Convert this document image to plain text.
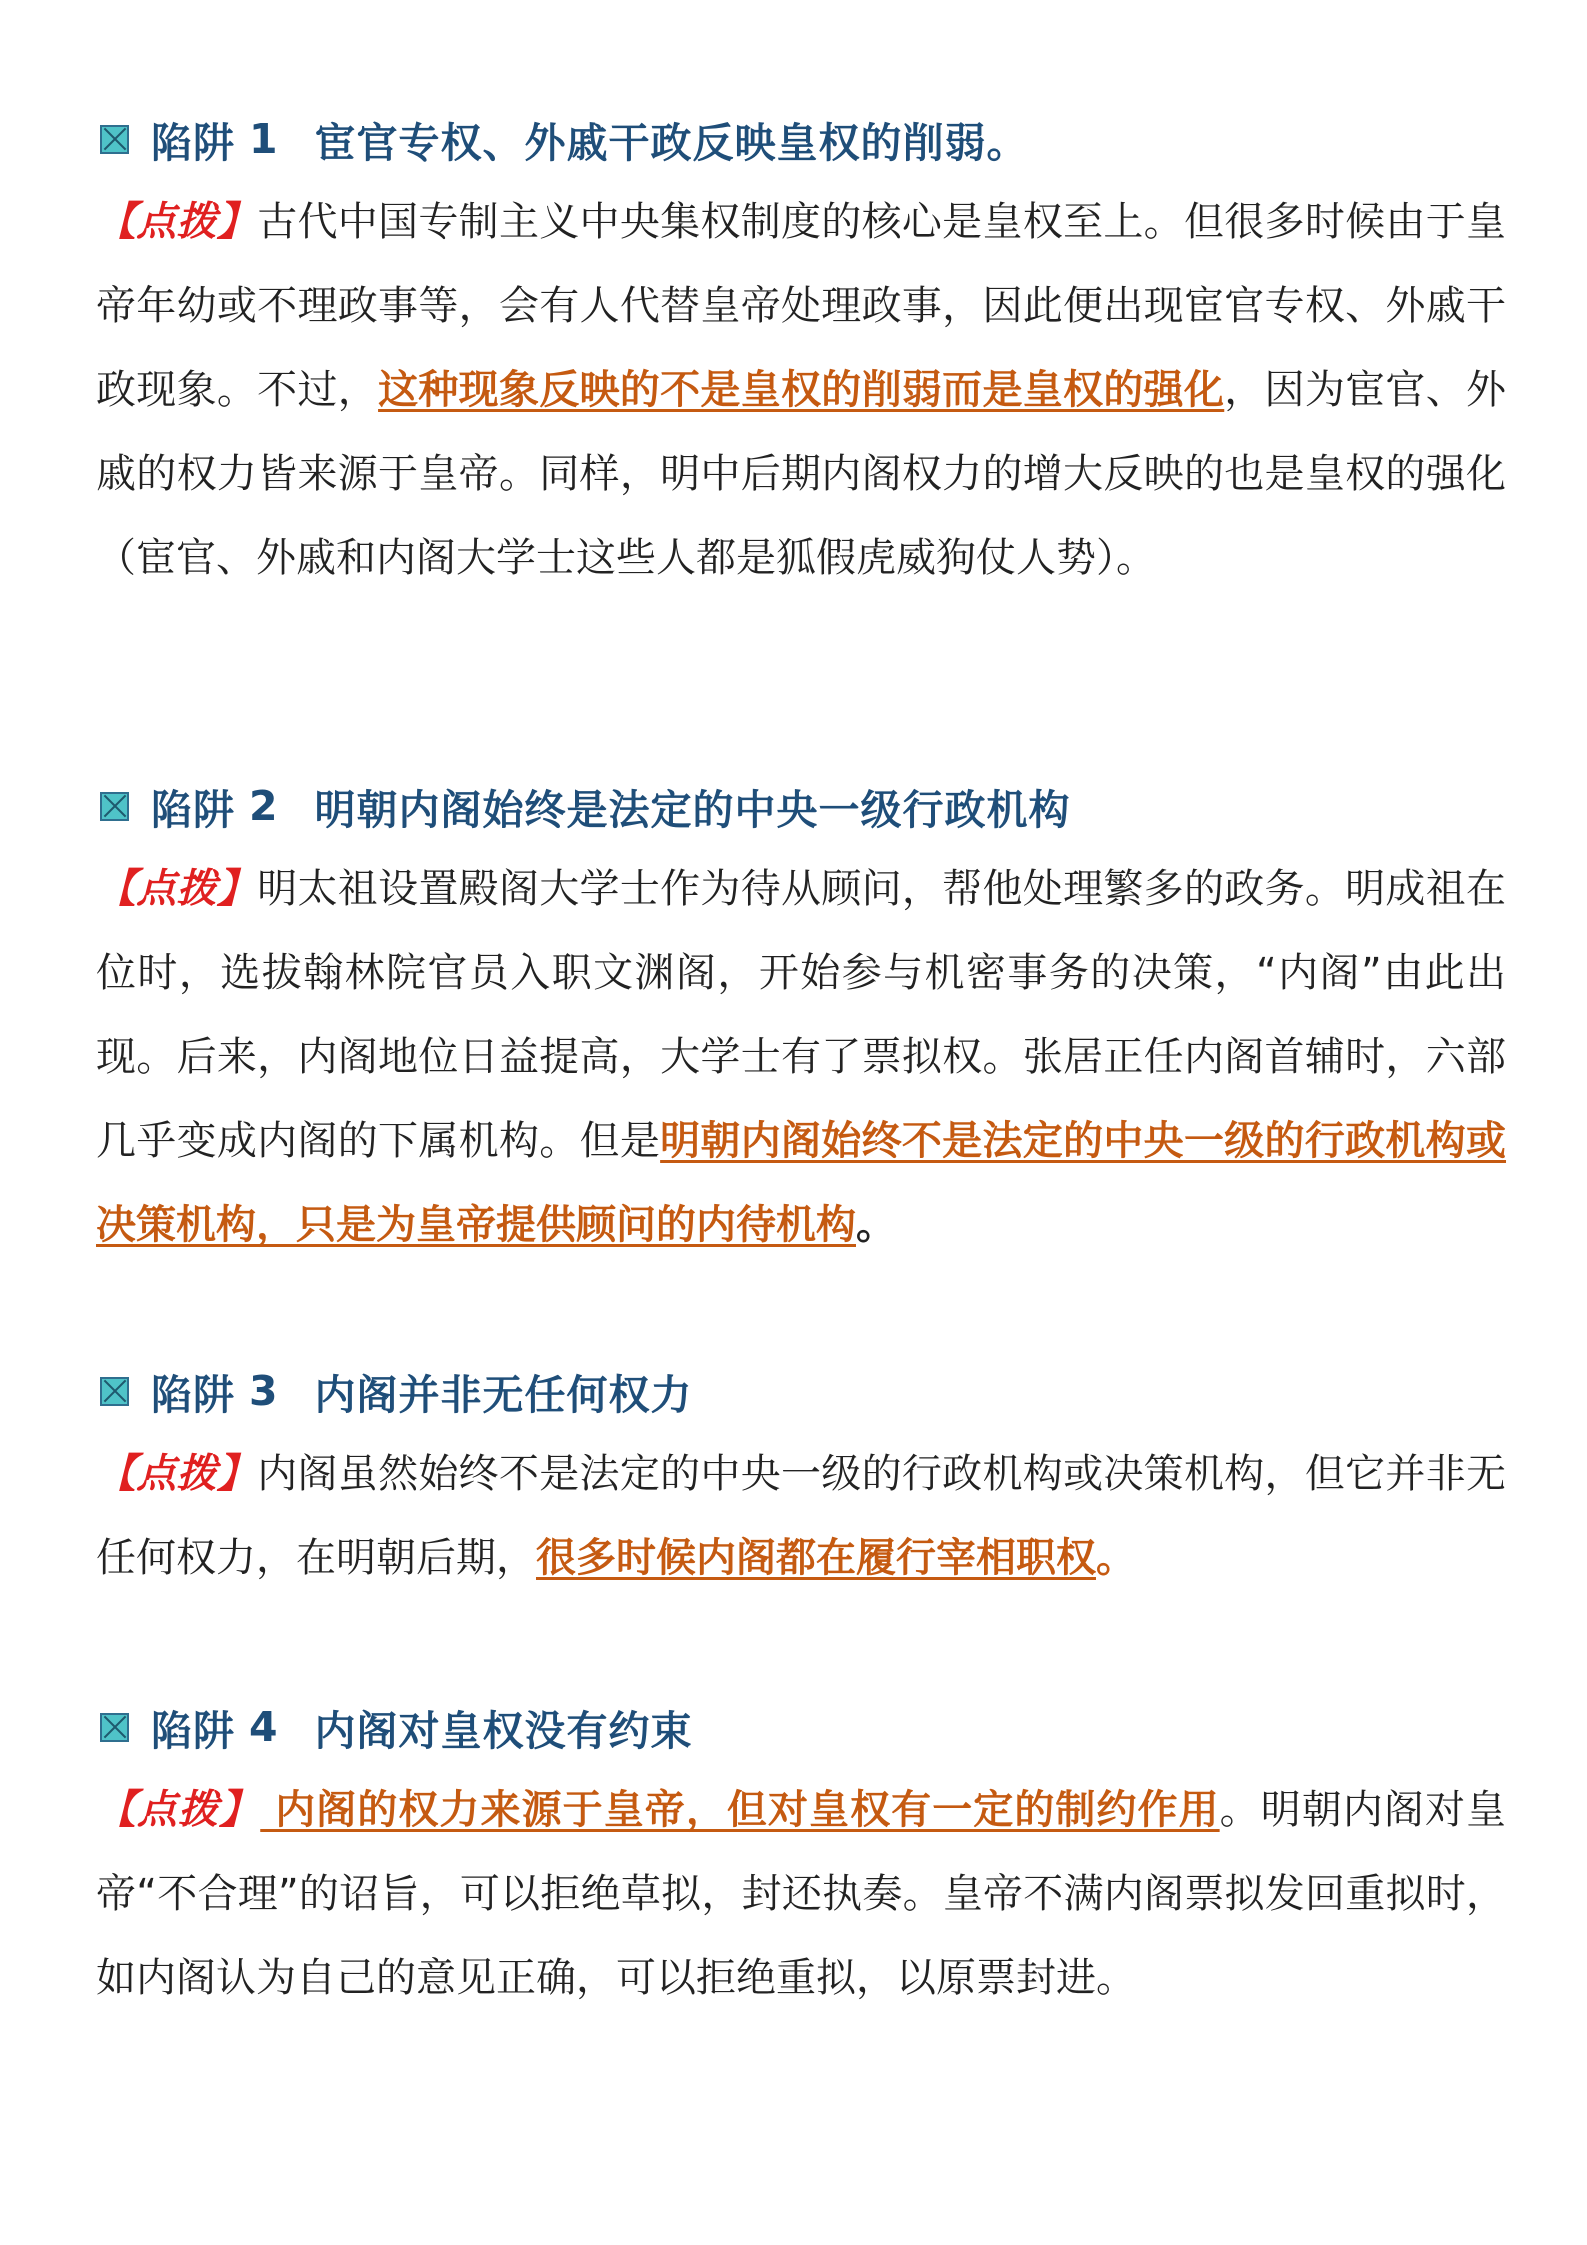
陷阱 1 宦官专权、外戚干政反映皇权的削弱。
【点拨】古代中国专制主义中央集权制度的核心是皇权至上。但很多时候由于皇帝年幼或不理政事等，会有人代替皇帝处理政事，因此便出现宦官专权、外戚干政现象。不过，这种现象反映的不是皇权的削弱而是皇权的强化，因为宦官、外戚的权力皆来源于皇帝。同样，明中后期内阁权力的增大反映的也是皇权的强化（宦官、外戚和内阁大学士这些人都是狐假虎威狗仗人势）。
陷阱 2 明朝内阁始终是法定的中央一级行政机构
【点拨】明太祖设置殿阁大学士作为待从顾问，帮他处理繁多的政务。明成祖在位时，选拔翰林院官员入职文渊阁，开始参与机密事务的决策，“内阁”由此出现。后来，内阁地位日益提高，大学士有了票拟权。张居正任内阁首辅时，六部几乎变成内阁的下属机构。但是明朝内阁始终不是法定的中央一级的行政机构或决策机构，只是为皇帝提供顾问的内待机构。
陷阱 3 内阁并非无任何权力
【点拨】内阁虽然始终不是法定的中央一级的行政机构或决策机构，但它并非无任何权力，在明朝后期，很多时候内阁都在履行宰相职权。
陷阱 4 内阁对皇权没有约束
【点拨】 内阁的权力来源于皇帝，但对皇权有一定的制约作用。明朝内阁对皇帝“不合理”的诏旨，可以拒绝草拟，封还执奏。皇帝不满内阁票拟发回重拟时，如内阁认为自己的意见正确，可以拒绝重拟，以原票封进。
